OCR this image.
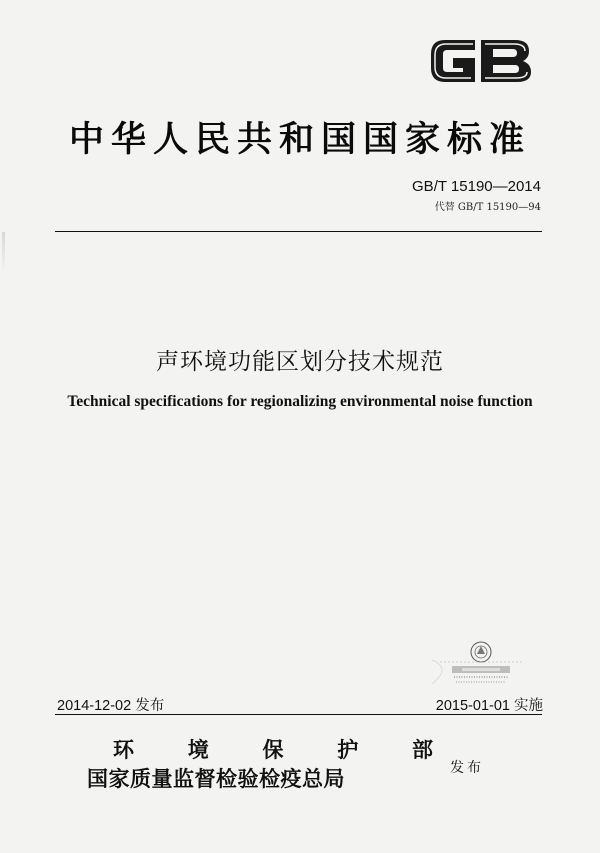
中华人民共和国国家标准
GB/T 15190—2014
代替 GB/T 15190—94
声环境功能区划分技术规范
Technical specifications for regionalizing environmental noise function
2014-12-02 发布	2015-01-01 实施
环	境	保	护	部
国家质量监督检验检疫总局	发布
